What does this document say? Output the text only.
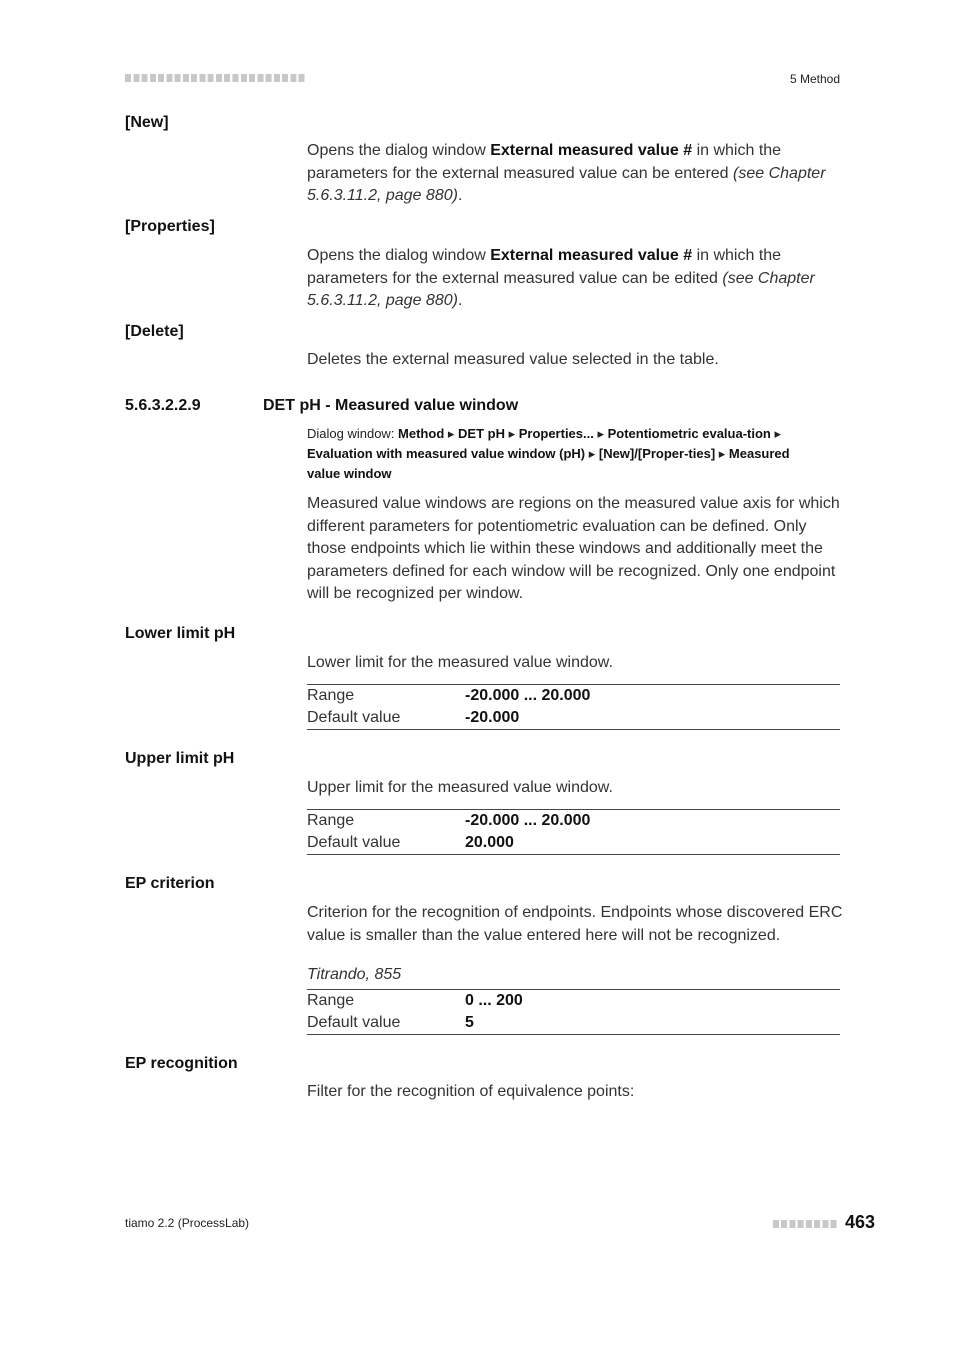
5 Method
[New]
Opens the dialog window External measured value # in which the parameters for the external measured value can be entered (see Chapter 5.6.3.11.2, page 880).
[Properties]
Opens the dialog window External measured value # in which the parameters for the external measured value can be edited (see Chapter 5.6.3.11.2, page 880).
[Delete]
Deletes the external measured value selected in the table.
5.6.3.2.2.9	DET pH - Measured value window
Dialog window: Method ▸ DET pH ▸ Properties... ▸ Potentiometric evalua-tion ▸ Evaluation with measured value window (pH) ▸ [New]/[Proper-ties] ▸ Measured value window
Measured value windows are regions on the measured value axis for which different parameters for potentiometric evaluation can be defined. Only those endpoints which lie within these windows and additionally meet the parameters defined for each window will be recognized. Only one endpoint will be recognized per window.
Lower limit pH
Lower limit for the measured value window.
Range	-20.000 ... 20.000
Default value	-20.000
Upper limit pH
Upper limit for the measured value window.
Range	-20.000 ... 20.000
Default value	20.000
EP criterion
Criterion for the recognition of endpoints. Endpoints whose discovered ERC value is smaller than the value entered here will not be recognized.
Titrando, 855
Range	0 ... 200
Default value	5
EP recognition
Filter for the recognition of equivalence points:
tiamo 2.2 (ProcessLab)	463
